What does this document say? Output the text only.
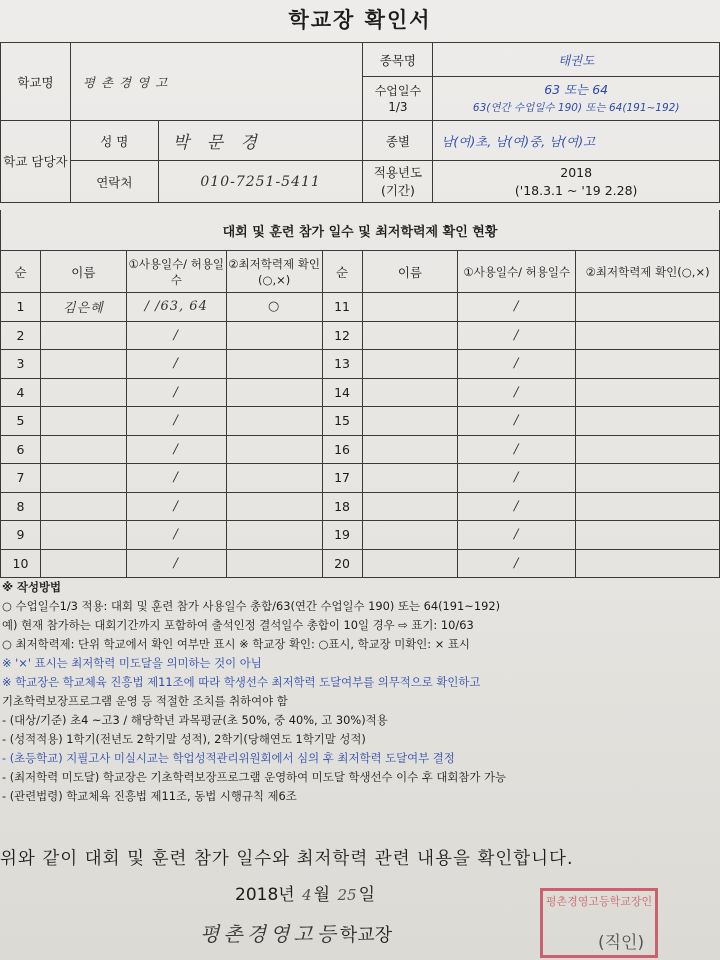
학교장 확인서
학교명	평촌경영고		종목명	태권도
			수업일수 1/3	63 또는 64
63(연간 수업일수 190) 또는 64(191~192)

학교 담당자	성 명	박 문 경	종별	남(여)초, 남(여)중, 남(여)고
	연락처	010-7251-5411	적용년도 (기간)	2018
('18.3.1 ~ '19 2.28)
대회 및 훈련 참가 일수 및 최저학력제 확인 현황
순	이름	①사용일수/ 허용일수	②최저학력제 확인(○,×)	순	이름	①사용일수/ 허용일수	②최저학력제 확인(○,×)
1	김은혜	/ /63, 64	○	11		/	
2		/		12		/	
3		/		13		/	
4		/		14		/	
5		/		15		/	
6		/		16		/	
7		/		17		/	
8		/		18		/	
9		/		19		/	
10		/		20		/	
※ 작성방법
○ 수업일수1/3 적용: 대회 및 훈련 참가 사용일수 총합/63(연간 수업일수 190) 또는 64(191~192)
예) 현재 참가하는 대회기간까지 포함하여 출석인정 결석일수 총합이 10일 경우 ⇨ 표기: 10/63
○ 최저학력제: 단위 학교에서 확인 여부만 표시 ※ 학교장 확인: ○표시, 학교장 미확인: × 표시
※ '×' 표시는 최저학력 미도달을 의미하는 것이 아님
※ 학교장은 학교체육 진흥법 제11조에 따라 학생선수 최저학력 도달여부를 의무적으로 확인하고
기초학력보장프로그램 운영 등 적절한 조치를 취하여야 함
- (대상/기준) 초4 ~고3 / 해당학년 과목평균(초 50%, 중 40%, 고 30%)적용
- (성적적용) 1학기(전년도 2학기말 성적), 2학기(당해연도 1학기말 성적)
- (초등학교) 지필고사 미실시교는 학업성적관리위원회에서 심의 후 최저학력 도달여부 결정
- (최저학력 미도달) 학교장은 기초학력보장프로그램 운영하여 미도달 학생선수 이수 후 대회참가 가능
- (관련법령) 학교체육 진흥법 제11조, 동법 시행규칙 제6조
위와 같이 대회 및 훈련 참가 일수와 최저학력 관련 내용을 확인합니다.
2018년 4 월 25 일
평촌경영고등학교장
평촌경영고등학교장인
(직인)
